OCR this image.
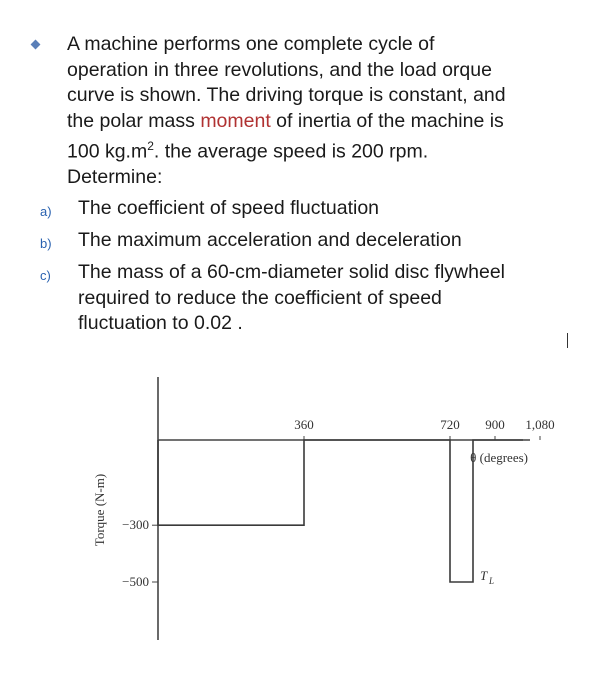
A machine performs one complete cycle of
operation in three revolutions, and the load orque
curve is shown. The driving torque is constant, and
the polar mass moment of inertia of the machine is
100 $kg.m^2$. the average speed is 200 rpm.
Determine:

a)	The coefficient of speed fluctuation
b)	The maximum acceleration and deceleration
c)	The mass of a 60-cm-diameter solid disc flywheel required to reduce the coefficient of speed fluctuation to 0.02 .
360	720 900 1,080
−300
−500	T L
θ (degrees)
Torque (N-m)
